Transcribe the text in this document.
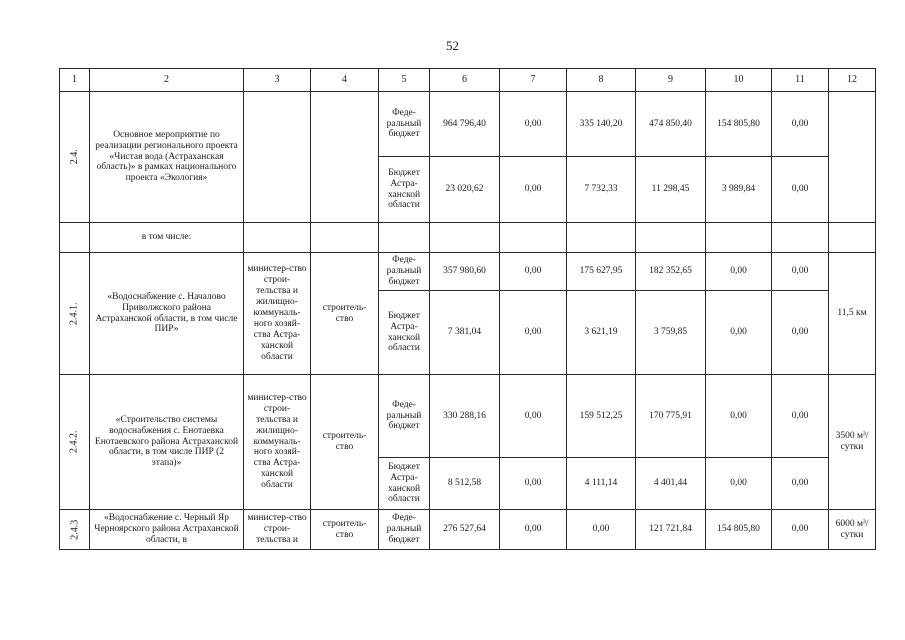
52
1	2	3	4	5	6	7	8	9	10	11	12
2.4.	Основное мероприятие по реализации регионального проекта «Чистая вода (Астраханская область)» в рамках национального проекта «Экология»			Феде-ральный бюджет	964 796,40	0,00	335 140,20	474 850,40	154 805,80	0,00	
				Бюджет Астра-ханской области	23 020,62	0,00	7 732,33	11 298,45	3 989,84	0,00	
	в том числе:										
2.4.1.	«Водоснабжение с. Началово Приволжского района Астраханской области, в том числе ПИР»	министер-ство строи-тельства и жилищно-коммуналь-ного хозяй-ства Астра-ханской области	строитель-ство	Феде-ральный бюджет	357 980,60	0,00	175 627,95	182 352,65	0,00	0,00	11,5 км
				Бюджет Астра-ханской области	7 381,04	0,00	3 621,19	3 759,85	0,00	0,00	
2.4.2.	«Строительство системы водоснабжения с. Енотаевка Енотаевского района Астраханской области, в том числе ПИР (2 этапа)»	министер-ство строи-тельства и жилищно-коммуналь-ного хозяй-ства Астра-ханской области	строитель-ство	Феде-ральный бюджет	330 288,16	0,00	159 512,25	170 775,91	0,00	0,00	3500 м³/ сутки
				Бюджет Астра-ханской области	8 512,58	0,00	4 111,14	4 401,44	0,00	0,00	
2.4.3	«Водоснабжение с. Черный Яр Черноярского района Астраханской области, в	министер-ство строи-тельства и	строитель-ство	Феде-ральный бюджет	276 527,64	0,00	0,00	121 721,84	154 805,80	0,00	6000 м³/ сутки
